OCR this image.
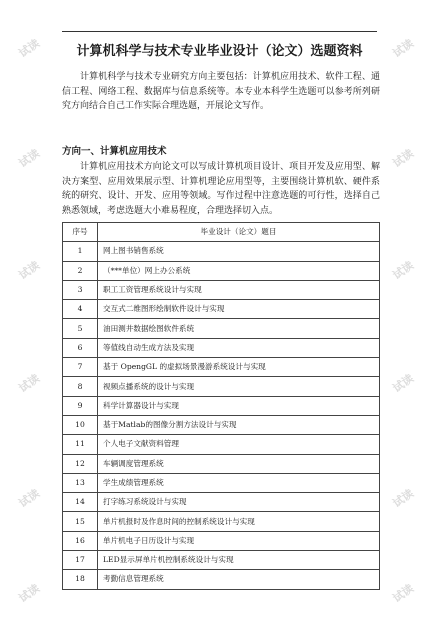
计算机科学与技术专业毕业设计（论文）选题资料
计算机科学与技术专业研究方向主要包括：计算机应用技术、软件工程、通信工程、网络工程、数据库与信息系统等。本专业本科学生选题可以参考所列研究方向结合自己工作实际合理选题，开展论文写作。
方向一、计算机应用技术
计算机应用技术方向论文可以写成计算机项目设计、项目开发及应用型、解决方案型、应用效果展示型、计算机理论应用型等，主要围绕计算机软、硬件系统的研究、设计、开发、应用等领域。写作过程中注意选题的可行性，选择自己熟悉领域，考虑选题大小难易程度，合理选择切入点。
序号	毕业设计（论文）题目
1	网上图书销售系统
2	（***单位）网上办公系统
3	职工工资管理系统设计与实现
4	交互式二维图形绘制软件设计与实现
5	油田测井数据绘图软件系统
6	等值线自动生成方法及实现
7	基于 OpengGL 的虚拟场景漫游系统设计与实现
8	视频点播系统的设计与实现
9	科学计算器设计与实现
10	基于Matlab的图像分割方法设计与实现
11	个人电子文献资料管理
12	车辆调度管理系统
13	学生成绩管理系统
14	打字练习系统设计与实现
15	单片机报时及作息时间的控制系统设计与实现
16	单片机电子日历设计与实现
17	LED显示屏单片机控制系统设计与实现
18	考勤信息管理系统
试读	试读
试读	试读
试读	试读
试读	试读
试读	试读
试读	试读
